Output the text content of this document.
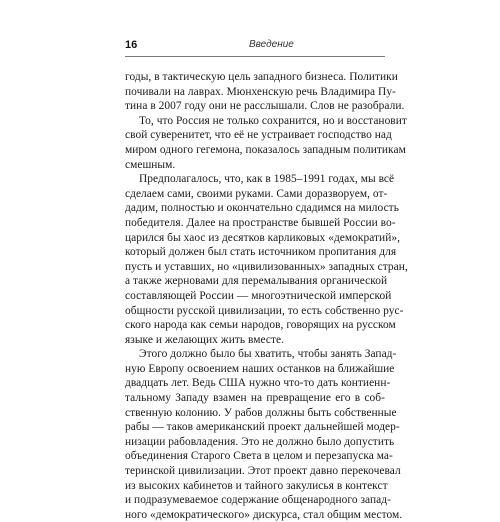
16	Введение
годы, в тактическую цель западного бизнеса. Политики
почивали на лаврах. Мюнхенскую речь Владимира Пу-
тина в 2007 году они не расслышали. Слов не разобрали.
То, что Россия не только сохранится, но и восстановит
свой суверенитет, что её не устраивает господство над
миром одного гегемона, показалось западным политикам
смешным.
Предполагалось, что, как в 1985–1991 годах, мы всё
сделаем сами, своими руками. Сами доразворуем, от-
дадим, полностью и окончательно сдадимся на милость
победителя. Далее на пространстве бывшей России во-
царился бы хаос из десятков карликовых «демократий»,
который должен был стать источником пропитания для
пусть и уставших, но «цивилизованных» западных стран,
а также жерновами для перемалывания органической
составляющей России — многоэтнической имперской
общности русской цивилизации, то есть собственно рус-
ского народа как семьи народов, говорящих на русском
языке и желающих жить вместе.
Этого должно было бы хватить, чтобы занять Запад-
ную Европу освоением наших останков на ближайшие
двадцать лет. Ведь США нужно что-то дать контиенн-
тальному Западу взамен на превращение его в соб-
ственную колонию. У рабов должны быть собственные
рабы — таков американский проект дальнейшей модер-
низации рабовладения. Это не должно было допустить
объединения Старого Света в целом и перезапуска ма-
теринской цивилизации. Этот проект давно перекочевал
из высоких кабинетов и тайного закулисья в контекст
и подразумеваемое содержание общенародного запад-
ного «демократического» дискурса, стал общим местом.
